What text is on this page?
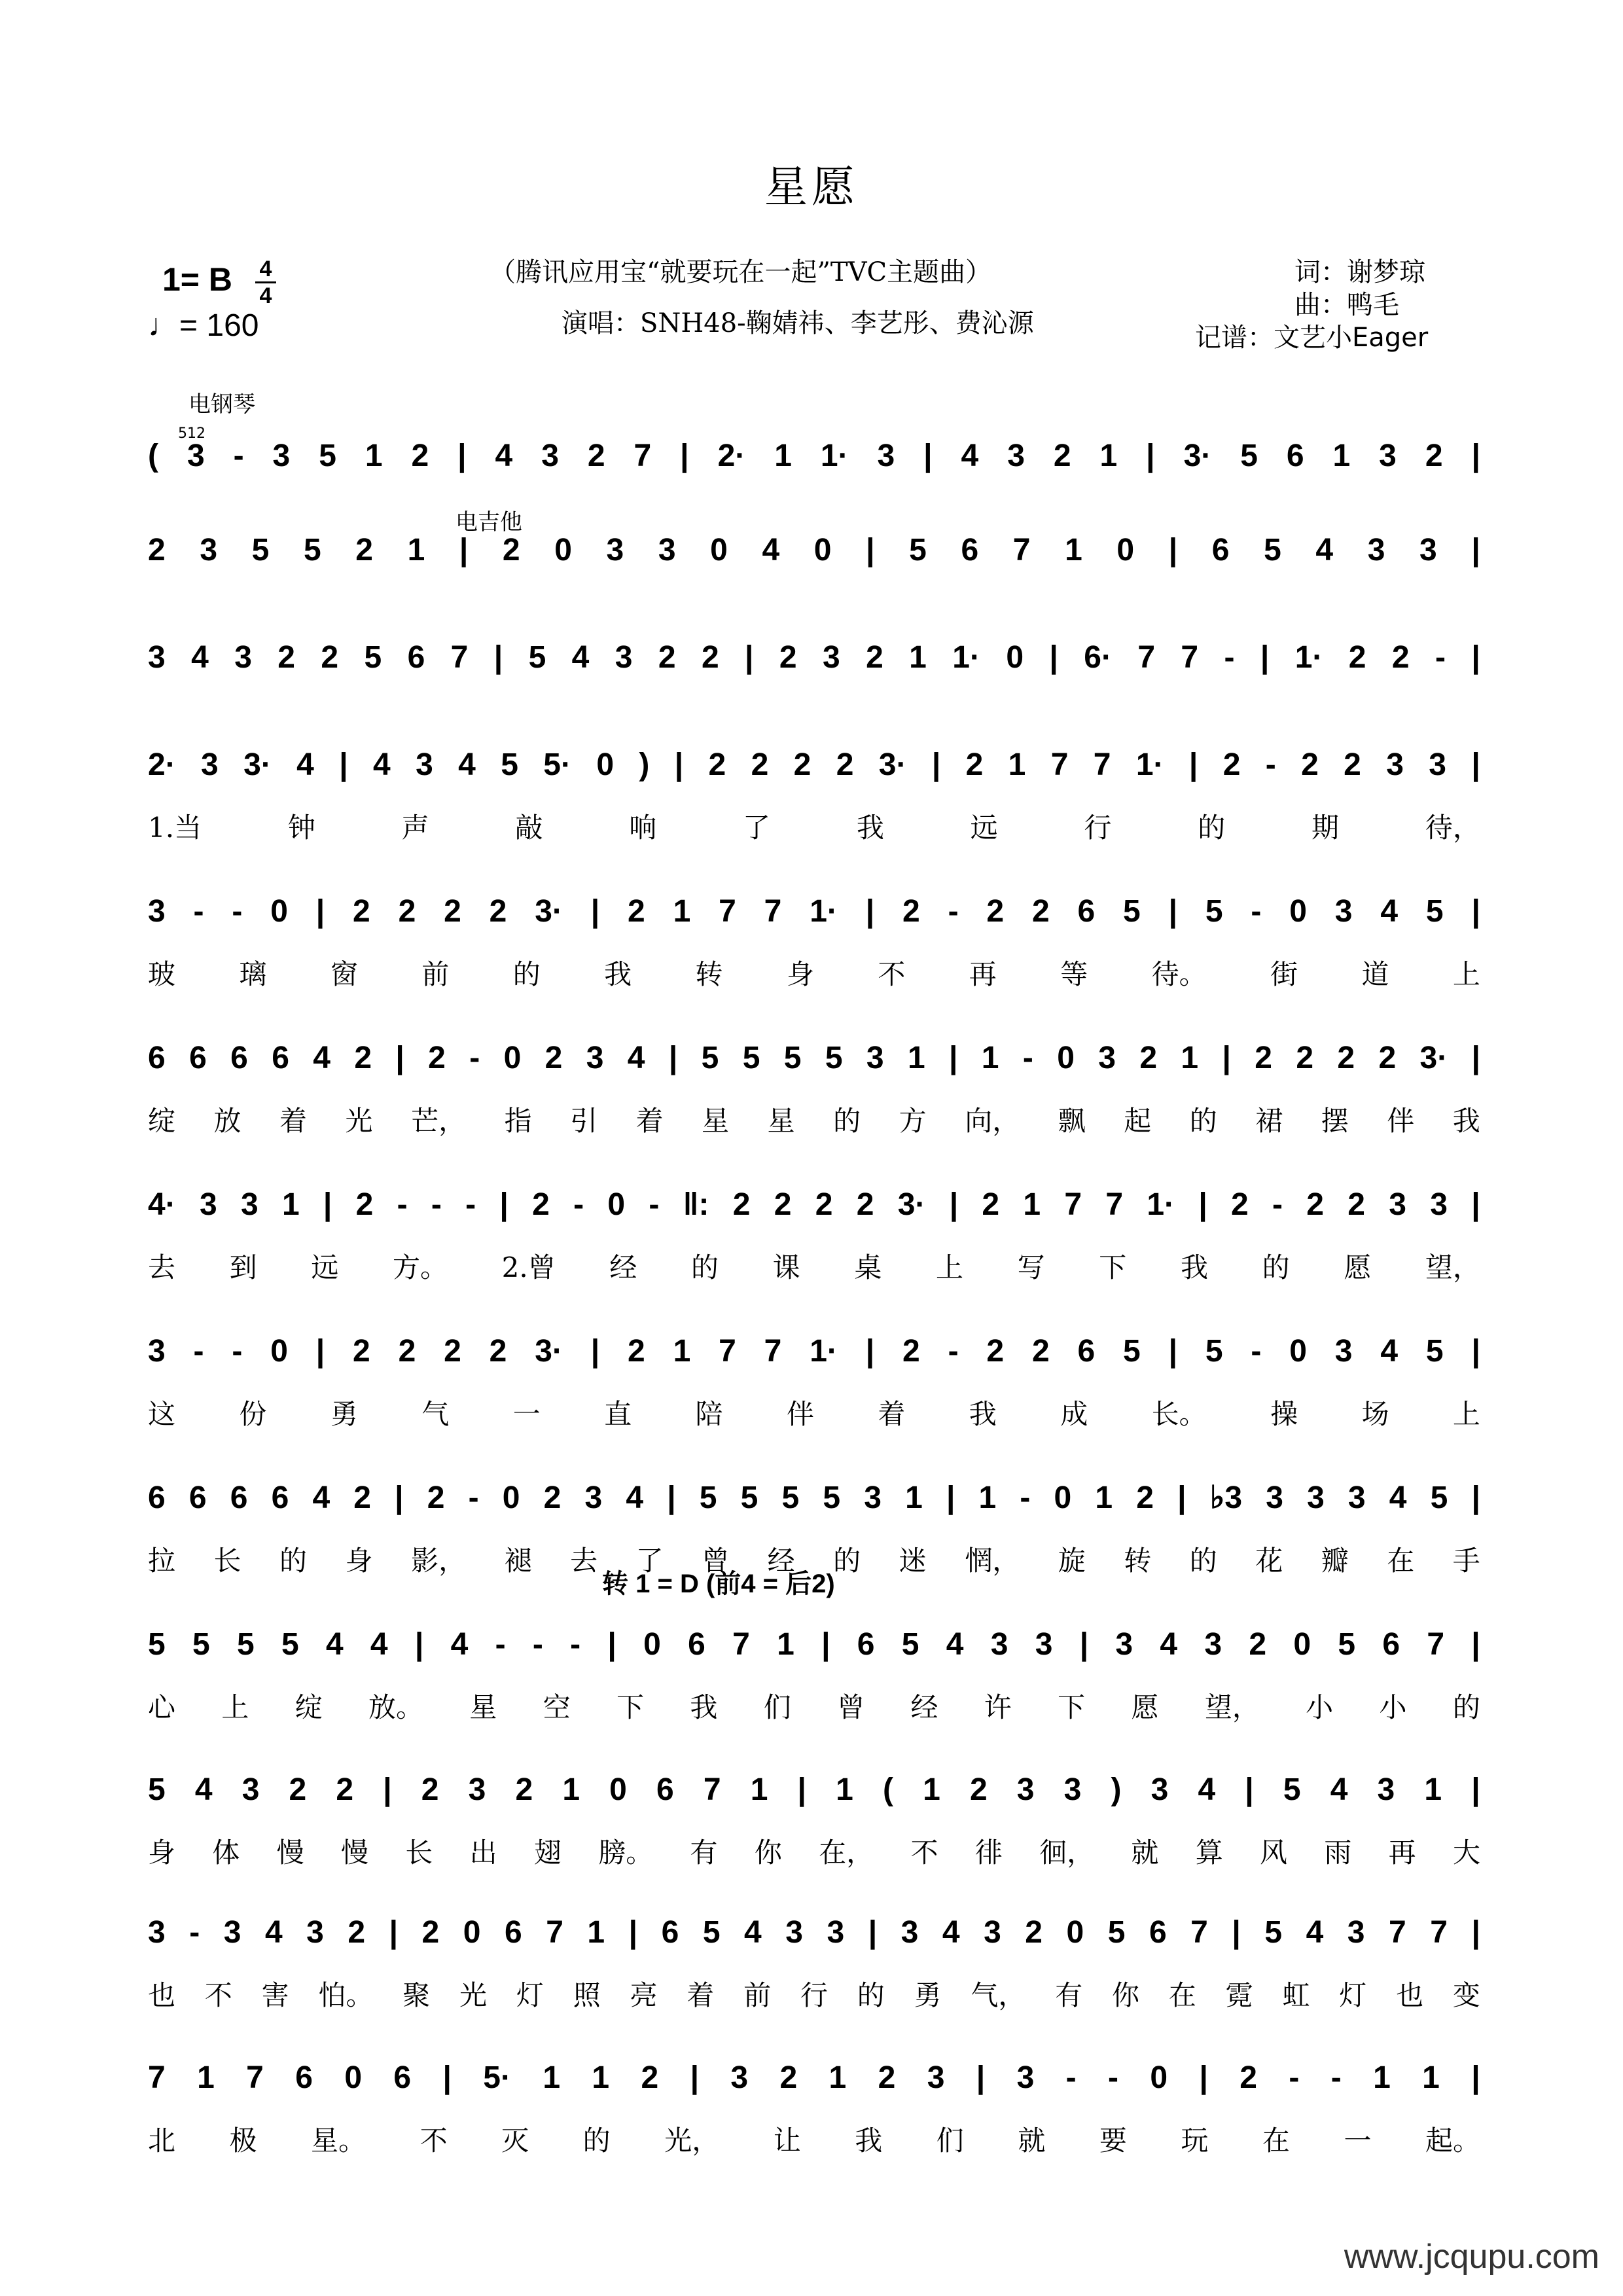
星愿
1= B 4
4
♩= 160
（腾讯应用宝“就要玩在一起”TVC主题曲）
演唱：SNH48-鞠婧祎、李艺彤、费沁源
词：谢梦琼
曲：鸭毛
记谱：文艺小Eager
电钢琴
512
电吉他
转 1 = D (前4 = 后2)
( 3 - 3 5 1 2 | 4 3 2 7 | 2· 1 1· 3 | 4 3 2 1 | 3· 5 6 1 3 2 |
2 3 5 5 2 1 | 2 0 3 3 0 4 0 | 5 6 7 1 0 | 6 5 4 3 3 |
3 4 3 2 2 5 6 7 | 5 4 3 2 2 | 2 3 2 1 1· 0 | 6· 7 7 - | 1· 2 2 - |
2· 3 3· 4 | 4 3 4 5 5· 0 ) | 2 2 2 2 3· | 2 1 7 7 1· | 2 - 2 2 3 3 |
1.当	钟	声	敲	响	了	我	远	行	的	期	待，
3 - - 0 | 2 2 2 2 3· | 2 1 7 7 1· | 2 - 2 2 6 5 | 5 - 0 3 4 5 |
玻 璃 窗 前 的 我 转 身 不 再 等 待。 街 道 上
6 6 6 6 4 2 | 2 - 0 2 3 4 | 5 5 5 5 3 1 | 1 - 0 3 2 1 | 2 2 2 2 3· |
绽 放 着 光 芒， 指 引 着 星 星 的 方 向， 飘 起 的 裙 摆 伴 我
4· 3 3 1 | 2 - - - | 2 - 0 - ‖: 2 2 2 2 3· | 2 1 7 7 1· | 2 - 2 2 3 3 |
去 到 远 方。 2.曾 经 的 课 桌 上 写 下 我 的 愿 望，
3 - - 0 | 2 2 2 2 3· | 2 1 7 7 1· | 2 - 2 2 6 5 | 5 - 0 3 4 5 |
这 份 勇 气 一 直 陪 伴 着 我 成 长。 操 场 上
6 6 6 6 4 2 | 2 - 0 2 3 4 | 5 5 5 5 3 1 | 1 - 0 1 2 | ♭3 3 3 3 4 5 |
拉 长 的 身 影， 褪 去 了 曾 经 的 迷 惘， 旋 转 的 花 瓣 在 手
5 5 5 5 4 4 | 4 - - - | 0 6 7 1 | 6 5 4 3 3 | 3 4 3 2 0 5 6 7 |
心 上 绽 放。 星 空 下 我 们 曾 经 许 下 愿 望， 小 小 的
5 4 3 2 2 | 2 3 2 1 0 6 7 1 | 1 ( 1 2 3 3 ) 3 4 | 5 4 3 1 |
身 体 慢 慢 长 出 翅 膀。 有 你 在， 不 徘 徊， 就 算 风 雨 再 大
3 - 3 4 3 2 | 2 0 6 7 1 | 6 5 4 3 3 | 3 4 3 2 0 5 6 7 | 5 4 3 7 7 |
也 不 害 怕。 聚 光 灯 照 亮 着 前 行 的 勇 气， 有 你 在 霓 虹 灯 也 变
7 1 7 6 0 6 | 5· 1 1 2 | 3 2 1 2 3 | 3 - - 0 | 2 - - 1 1 |
北 极 星。 不 灭 的 光， 让 我 们 就 要 玩 在 一 起。
www.jcqupu.com
